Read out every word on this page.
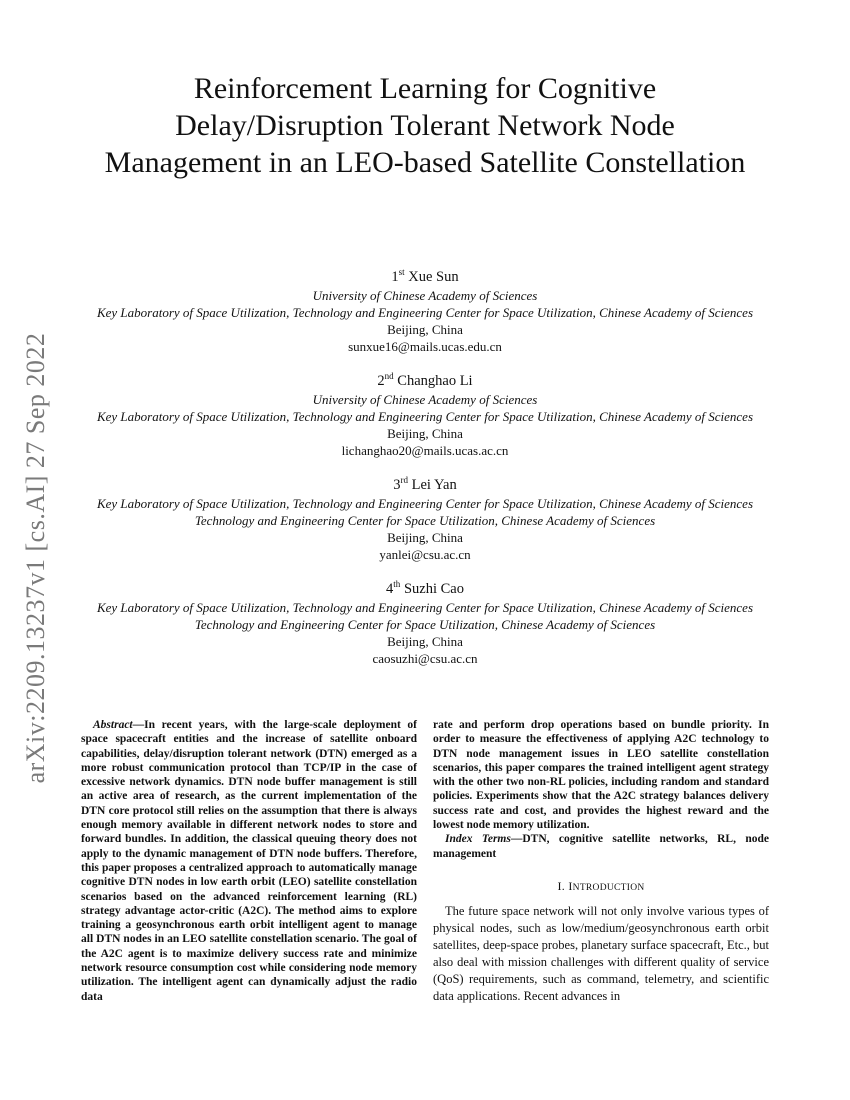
arXiv:2209.13237v1 [cs.AI] 27 Sep 2022
Reinforcement Learning for Cognitive Delay/Disruption Tolerant Network Node Management in an LEO-based Satellite Constellation
1st Xue Sun
University of Chinese Academy of Sciences
Key Laboratory of Space Utilization, Technology and Engineering Center for Space Utilization, Chinese Academy of Sciences
Beijing, China
sunxue16@mails.ucas.edu.cn
2nd Changhao Li
University of Chinese Academy of Sciences
Key Laboratory of Space Utilization, Technology and Engineering Center for Space Utilization, Chinese Academy of Sciences
Beijing, China
lichanghao20@mails.ucas.ac.cn
3rd Lei Yan
Key Laboratory of Space Utilization, Technology and Engineering Center for Space Utilization, Chinese Academy of Sciences
Technology and Engineering Center for Space Utilization, Chinese Academy of Sciences
Beijing, China
yanlei@csu.ac.cn
4th Suzhi Cao
Key Laboratory of Space Utilization, Technology and Engineering Center for Space Utilization, Chinese Academy of Sciences
Technology and Engineering Center for Space Utilization, Chinese Academy of Sciences
Beijing, China
caosuzhi@csu.ac.cn

Abstract—In recent years, with the large-scale deployment of space spacecraft entities and the increase of satellite onboard capabilities, delay/disruption tolerant network (DTN) emerged as a more robust communication protocol than TCP/IP in the case of excessive network dynamics. DTN node buffer management is still an active area of research, as the current implementation of the DTN core protocol still relies on the assumption that there is always enough memory available in different network nodes to store and forward bundles. In addition, the classical queuing theory does not apply to the dynamic management of DTN node buffers. Therefore, this paper proposes a centralized approach to automatically manage cognitive DTN nodes in low earth orbit (LEO) satellite constellation scenarios based on the advanced reinforcement learning (RL) strategy advantage actor-critic (A2C). The method aims to explore training a geosynchronous earth orbit intelligent agent to manage all DTN nodes in an LEO satellite constellation scenario. The goal of the A2C agent is to maximize delivery success rate and minimize network resource consumption cost while considering node memory utilization. The intelligent agent can dynamically adjust the radio data

rate and perform drop operations based on bundle priority. In order to measure the effectiveness of applying A2C technology to DTN node management issues in LEO satellite constellation scenarios, this paper compares the trained intelligent agent strategy with the other two non-RL policies, including random and standard policies. Experiments show that the A2C strategy balances delivery success rate and cost, and provides the highest reward and the lowest node memory utilization.

Index Terms—DTN, cognitive satellite networks, RL, node management

I. INTRODUCTION

The future space network will not only involve various types of physical nodes, such as low/medium/geosynchronous earth orbit satellites, deep-space probes, planetary surface spacecraft, Etc., but also deal with mission challenges with different quality of service (QoS) requirements, such as command, telemetry, and scientific data applications. Recent advances in
